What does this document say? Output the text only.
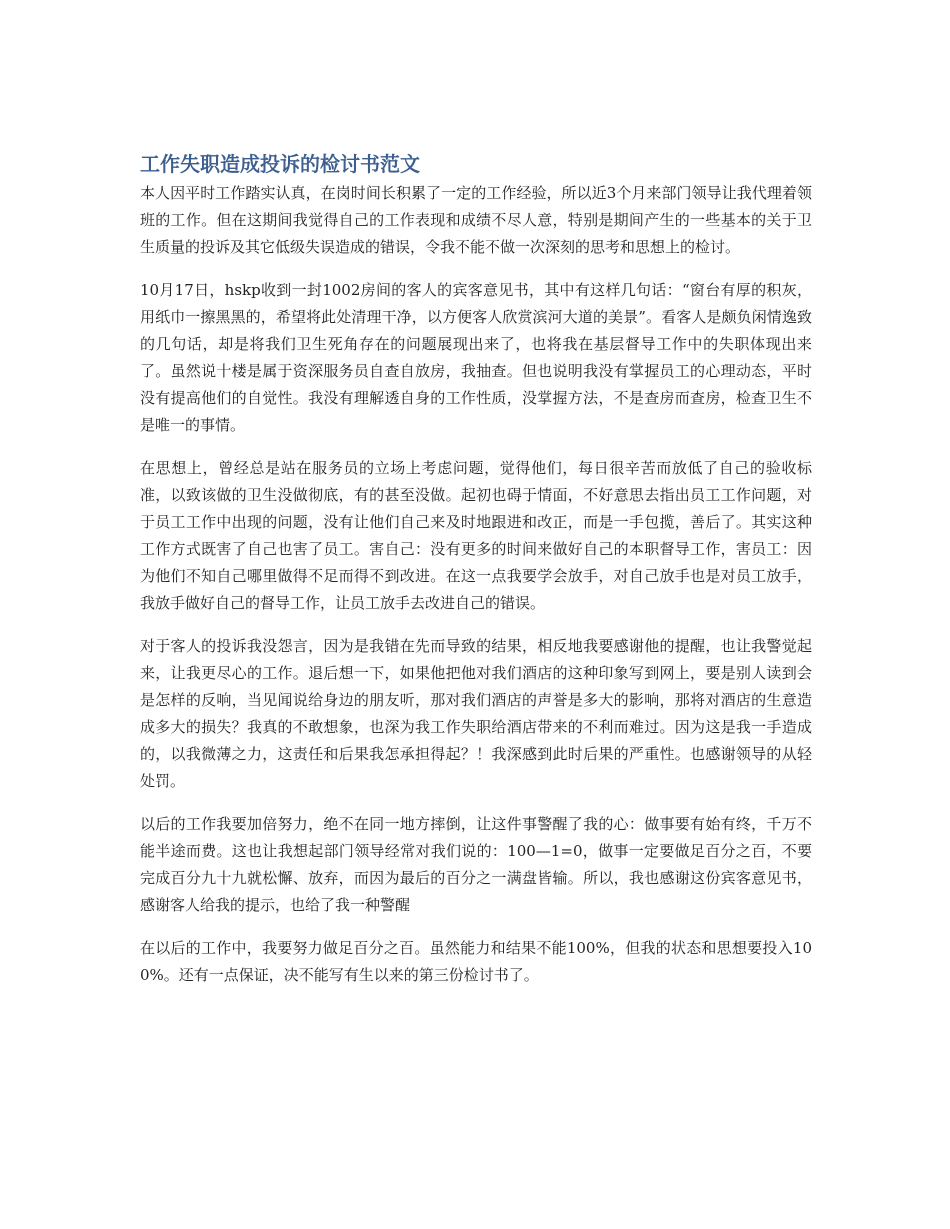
工作失职造成投诉的检讨书范文

本人因平时工作踏实认真，在岗时间长积累了一定的工作经验，所以近3个月来部门领导让我代理着领班的工作。但在这期间我觉得自己的工作表现和成绩不尽人意，特别是期间产生的一些基本的关于卫生质量的投诉及其它低级失误造成的错误，令我不能不做一次深刻的思考和思想上的检讨。

10月17日，hskp收到一封1002房间的客人的宾客意见书，其中有这样几句话：“窗台有厚的积灰，用纸巾一擦黑黑的，希望将此处清理干净，以方便客人欣赏滨河大道的美景”。看客人是颇负闲情逸致的几句话，却是将我们卫生死角存在的问题展现出来了，也将我在基层督导工作中的失职体现出来了。虽然说十楼是属于资深服务员自查自放房，我抽查。但也说明我没有掌握员工的心理动态，平时没有提高他们的自觉性。我没有理解透自身的工作性质，没掌握方法，不是查房而查房，检查卫生不是唯一的事情。

在思想上，曾经总是站在服务员的立场上考虑问题，觉得他们，每日很辛苦而放低了自己的验收标准，以致该做的卫生没做彻底，有的甚至没做。起初也碍于情面，不好意思去指出员工工作问题，对于员工工作中出现的问题，没有让他们自己来及时地跟进和改正，而是一手包揽，善后了。其实这种工作方式既害了自己也害了员工。害自己：没有更多的时间来做好自己的本职督导工作，害员工：因为他们不知自己哪里做得不足而得不到改进。在这一点我要学会放手，对自己放手也是对员工放手，我放手做好自己的督导工作，让员工放手去改进自己的错误。

对于客人的投诉我没怨言，因为是我错在先而导致的结果，相反地我要感谢他的提醒，也让我警觉起来，让我更尽心的工作。退后想一下，如果他把他对我们酒店的这种印象写到网上，要是别人读到会是怎样的反响，当见闻说给身边的朋友听，那对我们酒店的声誉是多大的影响，那将对酒店的生意造成多大的损失？我真的不敢想象，也深为我工作失职给酒店带来的不利而难过。因为这是我一手造成的，以我微薄之力，这责任和后果我怎承担得起？！我深感到此时后果的严重性。也感谢领导的从轻处罚。

以后的工作我要加倍努力，绝不在同一地方摔倒，让这件事警醒了我的心：做事要有始有终，千万不能半途而费。这也让我想起部门领导经常对我们说的：100—1=0，做事一定要做足百分之百，不要完成百分九十九就松懈、放弃，而因为最后的百分之一满盘皆输。所以，我也感谢这份宾客意见书，感谢客人给我的提示，也给了我一种警醒

在以后的工作中，我要努力做足百分之百。虽然能力和结果不能100%，但我的状态和思想要投入100%。还有一点保证，决不能写有生以来的第三份检讨书了。
